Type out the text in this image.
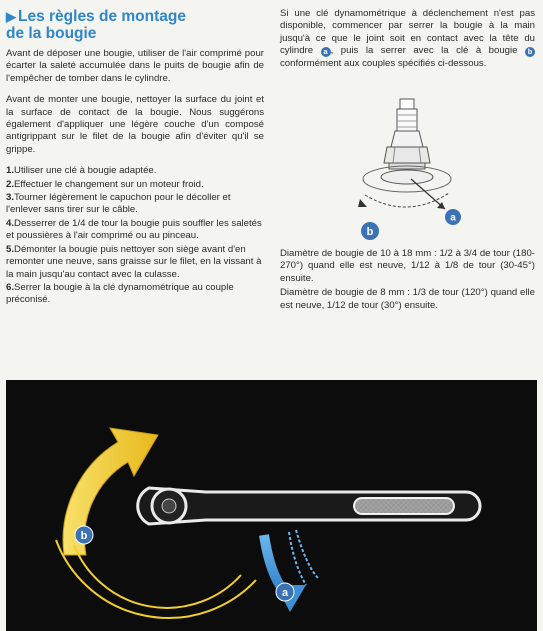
▶ Les règles de montage
de la bougie

Avant de déposer une bougie, utiliser de l'air comprimé pour écarter la saleté accumulée dans le puits de bougie afin de l'empêcher de tomber dans le cylindre.

Avant de monter une bougie, nettoyer la surface du joint et la surface de contact de la bougie. Nous suggérons également d'appliquer une légère couche d'un composé antigrippant sur le filet de la bougie afin d'éviter qu'il se grippe.

1.Utiliser une clé à bougie adaptée.
2.Effectuer le changement sur un moteur froid.
3.Tourner légèrement le capuchon pour le décoller et l'enlever sans tirer sur le câble.
4.Desserrer de 1/4 de tour la bougie puis souffler les saletés et poussières à l'air comprimé ou au pinceau.
5.Démonter la bougie puis nettoyer son siège avant d'en remonter une neuve, sans graisse sur le filet, en la vissant à la main jusqu'au contact avec la culasse.
6.Serrer la bougie à la clé dynamométrique au couple préconisé.

Si une clé dynamométrique à déclenchement n'est pas disponible, commencer par serrer la bougie à la main jusqu'à ce que le joint soit en contact avec la tête du cylindre a , puis la serrer avec la clé à bougie b conformément aux couples spécifiés ci-dessous.

a
b

Diamètre de bougie de 10 à 18 mm : 1/2 à 3/4 de tour (180-270°) quand elle est neuve, 1/12 à 1/8 de tour (30-45°) ensuite.

Diamètre de bougie de 8 mm : 1/3 de tour (120°) quand elle est neuve, 1/12 de tour (30°) ensuite.

b
a
